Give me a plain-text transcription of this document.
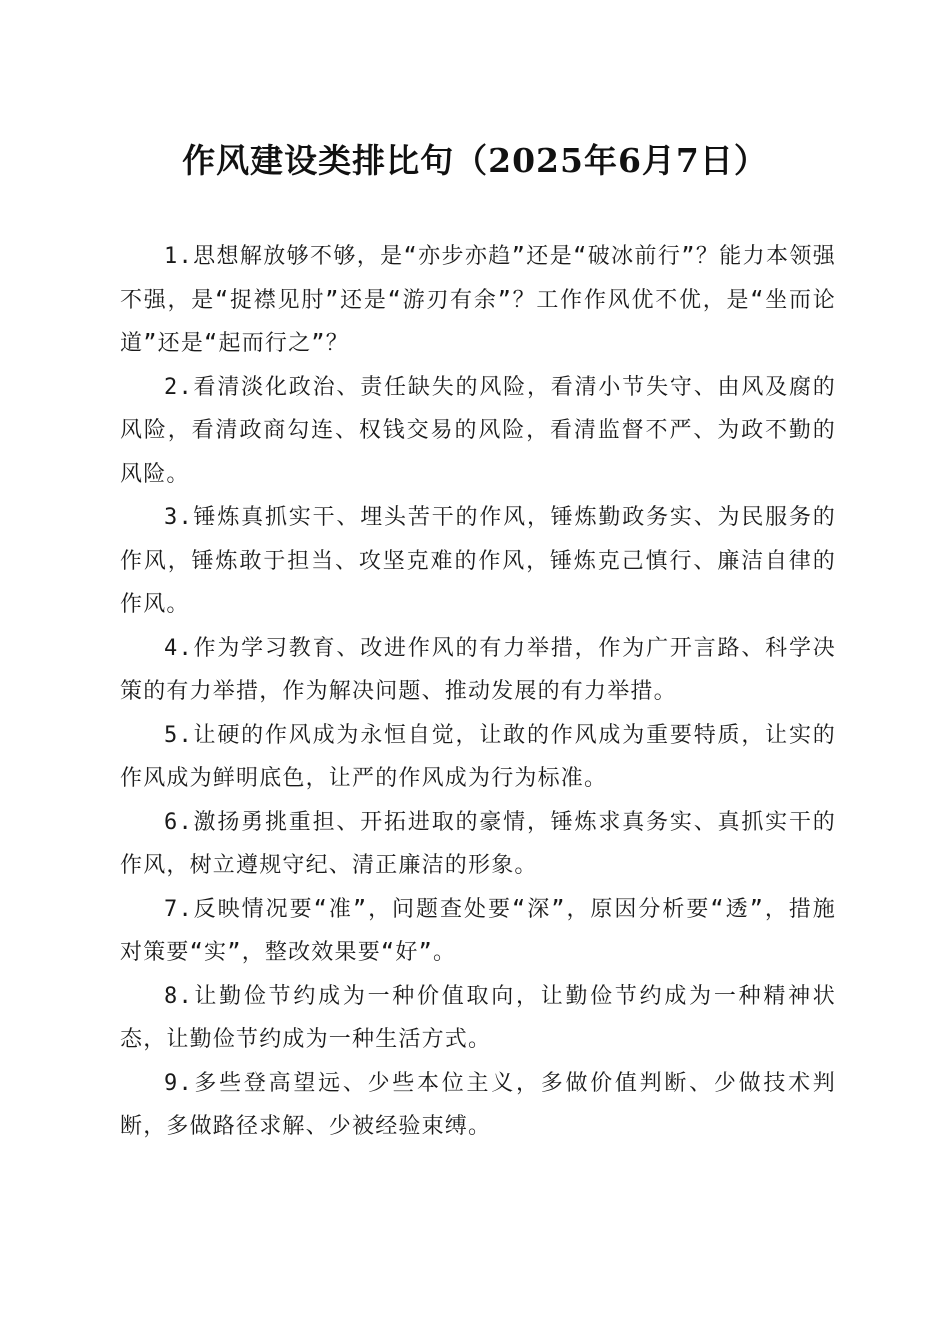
作风建设类排比句（2025年6月7日）

1.思想解放够不够，是“亦步亦趋”还是“破冰前行”？能力本领强不强，是“捉襟见肘”还是“游刃有余”？工作作风优不优，是“坐而论道”还是“起而行之”？

2.看清淡化政治、责任缺失的风险，看清小节失守、由风及腐的风险，看清政商勾连、权钱交易的风险，看清监督不严、为政不勤的风险。

3.锤炼真抓实干、埋头苦干的作风，锤炼勤政务实、为民服务的作风，锤炼敢于担当、攻坚克难的作风，锤炼克己慎行、廉洁自律的作风。

4.作为学习教育、改进作风的有力举措，作为广开言路、科学决策的有力举措，作为解决问题、推动发展的有力举措。

5.让硬的作风成为永恒自觉，让敢的作风成为重要特质，让实的作风成为鲜明底色，让严的作风成为行为标准。

6.激扬勇挑重担、开拓进取的豪情，锤炼求真务实、真抓实干的作风，树立遵规守纪、清正廉洁的形象。

7.反映情况要“准”，问题查处要“深”，原因分析要“透”，措施对策要“实”，整改效果要“好”。

8.让勤俭节约成为一种价值取向，让勤俭节约成为一种精神状态，让勤俭节约成为一种生活方式。

9.多些登高望远、少些本位主义，多做价值判断、少做技术判断，多做路径求解、少被经验束缚。
